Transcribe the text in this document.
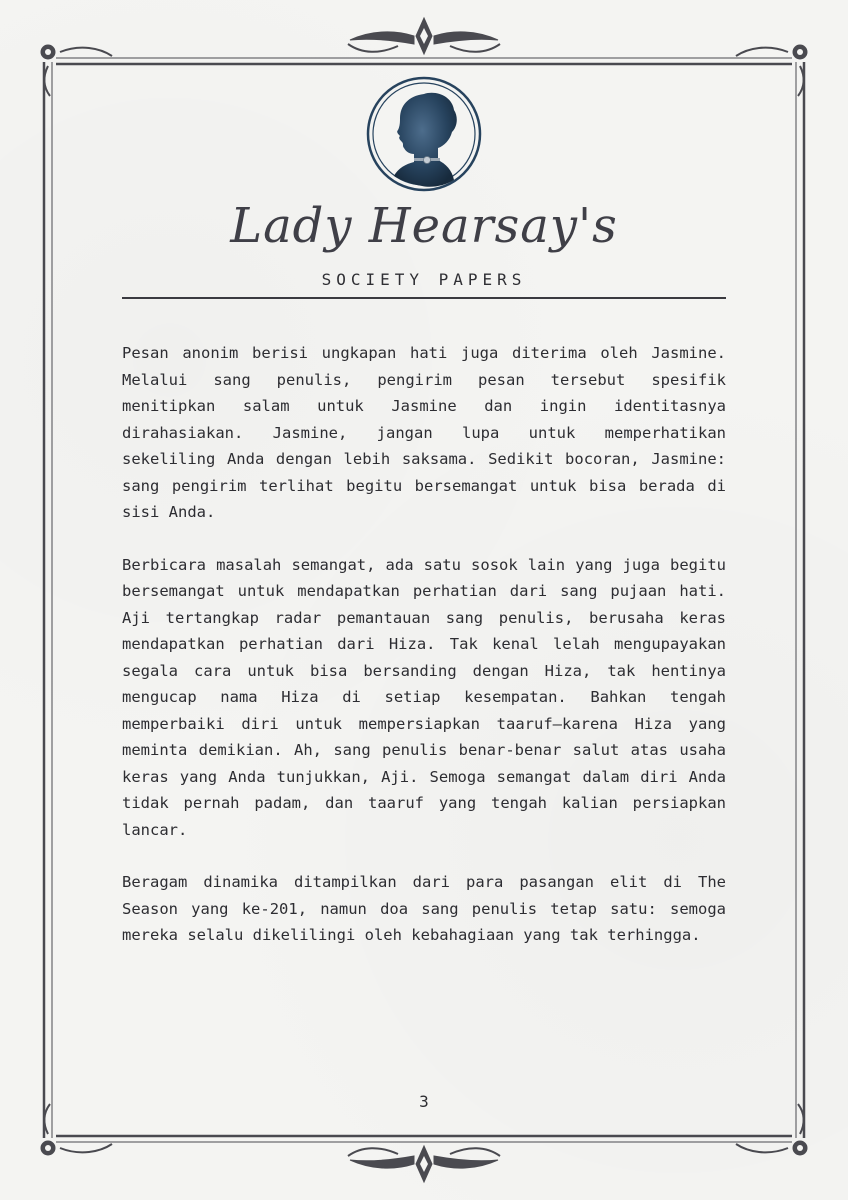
Lady Hearsay's
SOCIETY PAPERS

Pesan anonim berisi ungkapan hati juga diterima oleh Jasmine. Melalui sang penulis, pengirim pesan tersebut spesifik menitipkan salam untuk Jasmine dan ingin identitasnya dirahasiakan. Jasmine, jangan lupa untuk memperhatikan sekeliling Anda dengan lebih saksama. Sedikit bocoran, Jasmine: sang pengirim terlihat begitu bersemangat untuk bisa berada di sisi Anda.

Berbicara masalah semangat, ada satu sosok lain yang juga begitu bersemangat untuk mendapatkan perhatian dari sang pujaan hati. Aji tertangkap radar pemantauan sang penulis, berusaha keras mendapatkan perhatian dari Hiza. Tak kenal lelah mengupayakan segala cara untuk bisa bersanding dengan Hiza, tak hentinya mengucap nama Hiza di setiap kesempatan. Bahkan tengah memperbaiki diri untuk mempersiapkan taaruf—karena Hiza yang meminta demikian. Ah, sang penulis benar-benar salut atas usaha keras yang Anda tunjukkan, Aji. Semoga semangat dalam diri Anda tidak pernah padam, dan taaruf yang tengah kalian persiapkan lancar.

Beragam dinamika ditampilkan dari para pasangan elit di The Season yang ke-201, namun doa sang penulis tetap satu: semoga mereka selalu dikelilingi oleh kebahagiaan yang tak terhingga.

3
